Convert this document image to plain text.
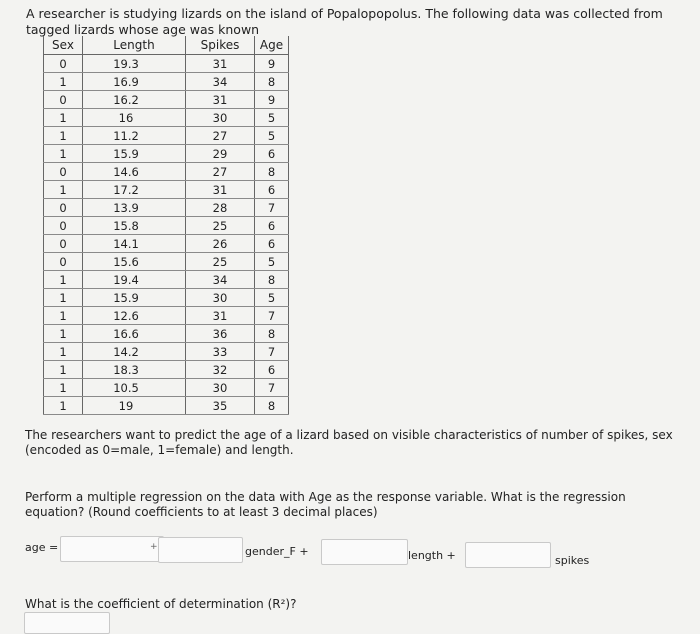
A researcher is studying lizards on the island of Popalopopolus. The following data was collected from tagged lizards whose age was known
Sex	Length	Spikes	Age
0	19.3	31	9
1	16.9	34	8
0	16.2	31	9
1	16	30	5
1	11.2	27	5
1	15.9	29	6
0	14.6	27	8
1	17.2	31	6
0	13.9	28	7
0	15.8	25	6
0	14.1	26	6
0	15.6	25	5
1	19.4	34	8
1	15.9	30	5
1	12.6	31	7
1	16.6	36	8
1	14.2	33	7
1	18.3	32	6
1	10.5	30	7
1	19	35	8
The researchers want to predict the age of a lizard based on visible characteristics of number of spikes, sex (encoded as 0=male, 1=female) and length.
Perform a multiple regression on the data with Age as the response variable. What is the regression equation? (Round coefficients to at least 3 decimal places)
age =	+	gender_F +	length +	spikes
What is the coefficient of determination (R²)?
